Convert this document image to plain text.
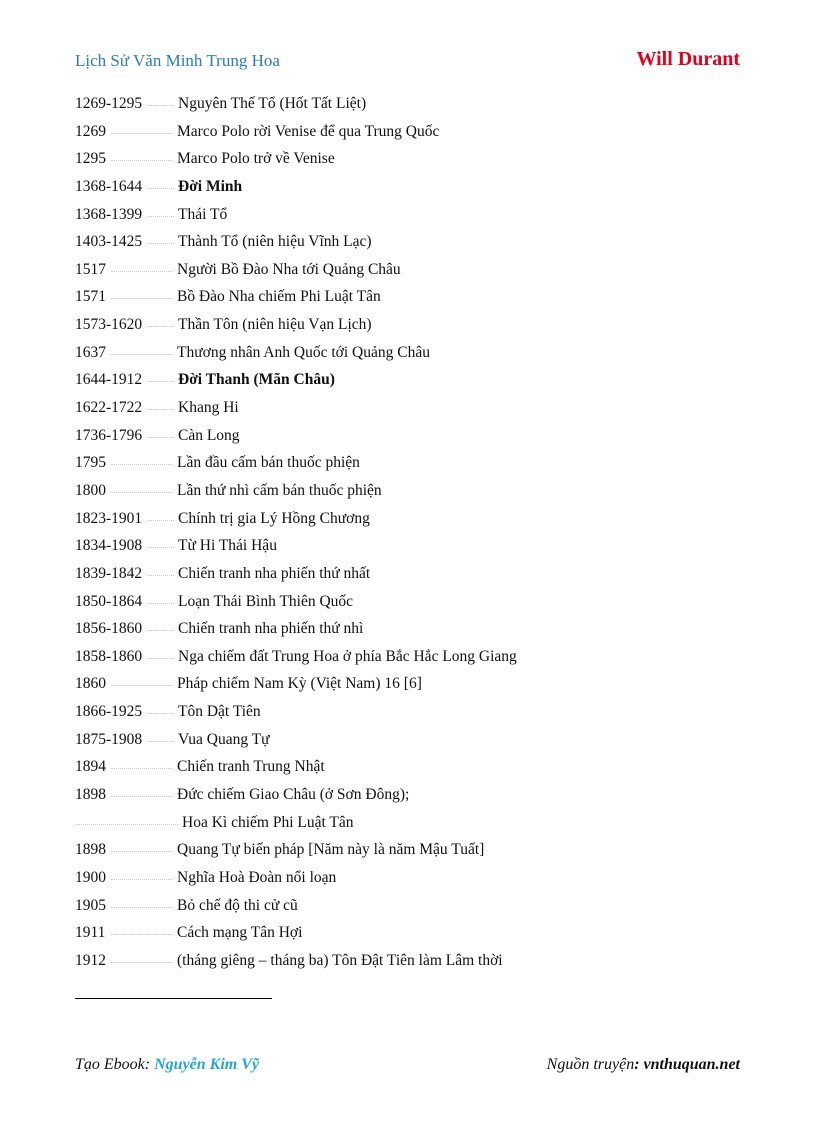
Lịch Sử Văn Minh Trung Hoa	Will Durant
1269-1295 Nguyên Thế Tổ (Hốt Tất Liệt)
1269	Marco Polo rời Venise để qua Trung Quốc
1295	Marco Polo trở về Venise
1368-1644 Đời Minh
1368-1399 Thái Tổ
1403-1425 Thành Tổ (niên hiệu Vĩnh Lạc)
1517	Người Bồ Đào Nha tới Quảng Châu
1571	Bồ Đào Nha chiếm Phi Luật Tân
1573-1620 Thần Tôn (niên hiệu Vạn Lịch)
1637	Thương nhân Anh Quốc tới Quảng Châu
1644-1912 Đời Thanh (Mãn Châu)
1622-1722 Khang Hi
1736-1796 Càn Long
1795	Lần đầu cấm bán thuốc phiện
1800	Lần thứ nhì cấm bán thuốc phiện
1823-1901 Chính trị gia Lý Hồng Chương
1834-1908 Từ Hi Thái Hậu
1839-1842 Chiến tranh nha phiến thứ nhất
1850-1864 Loạn Thái Bình Thiên Quốc
1856-1860 Chiến tranh nha phiến thứ nhì
1858-1860 Nga chiếm đất Trung Hoa ở phía Bắc Hắc Long Giang
1860	Pháp chiếm Nam Kỳ (Việt Nam) 16 [6]
1866-1925 Tôn Dật Tiên
1875-1908 Vua Quang Tự
1894	Chiến tranh Trung Nhật
1898	Đức chiếm Giao Châu (ở Sơn Đông);
Hoa Kì chiếm Phi Luật Tân
1898	Quang Tự biến pháp [Năm này là năm Mậu Tuất]
1900	Nghĩa Hoà Đoàn nổi loạn
1905	Bỏ chế độ thi cử cũ
1911	Cách mạng Tân Hợi
1912	(tháng giêng – tháng ba) Tôn Đật Tiên làm Lâm thời
Tạo Ebook: Nguyễn Kim Vỹ	Nguồn truyện: vnthuquan.net
